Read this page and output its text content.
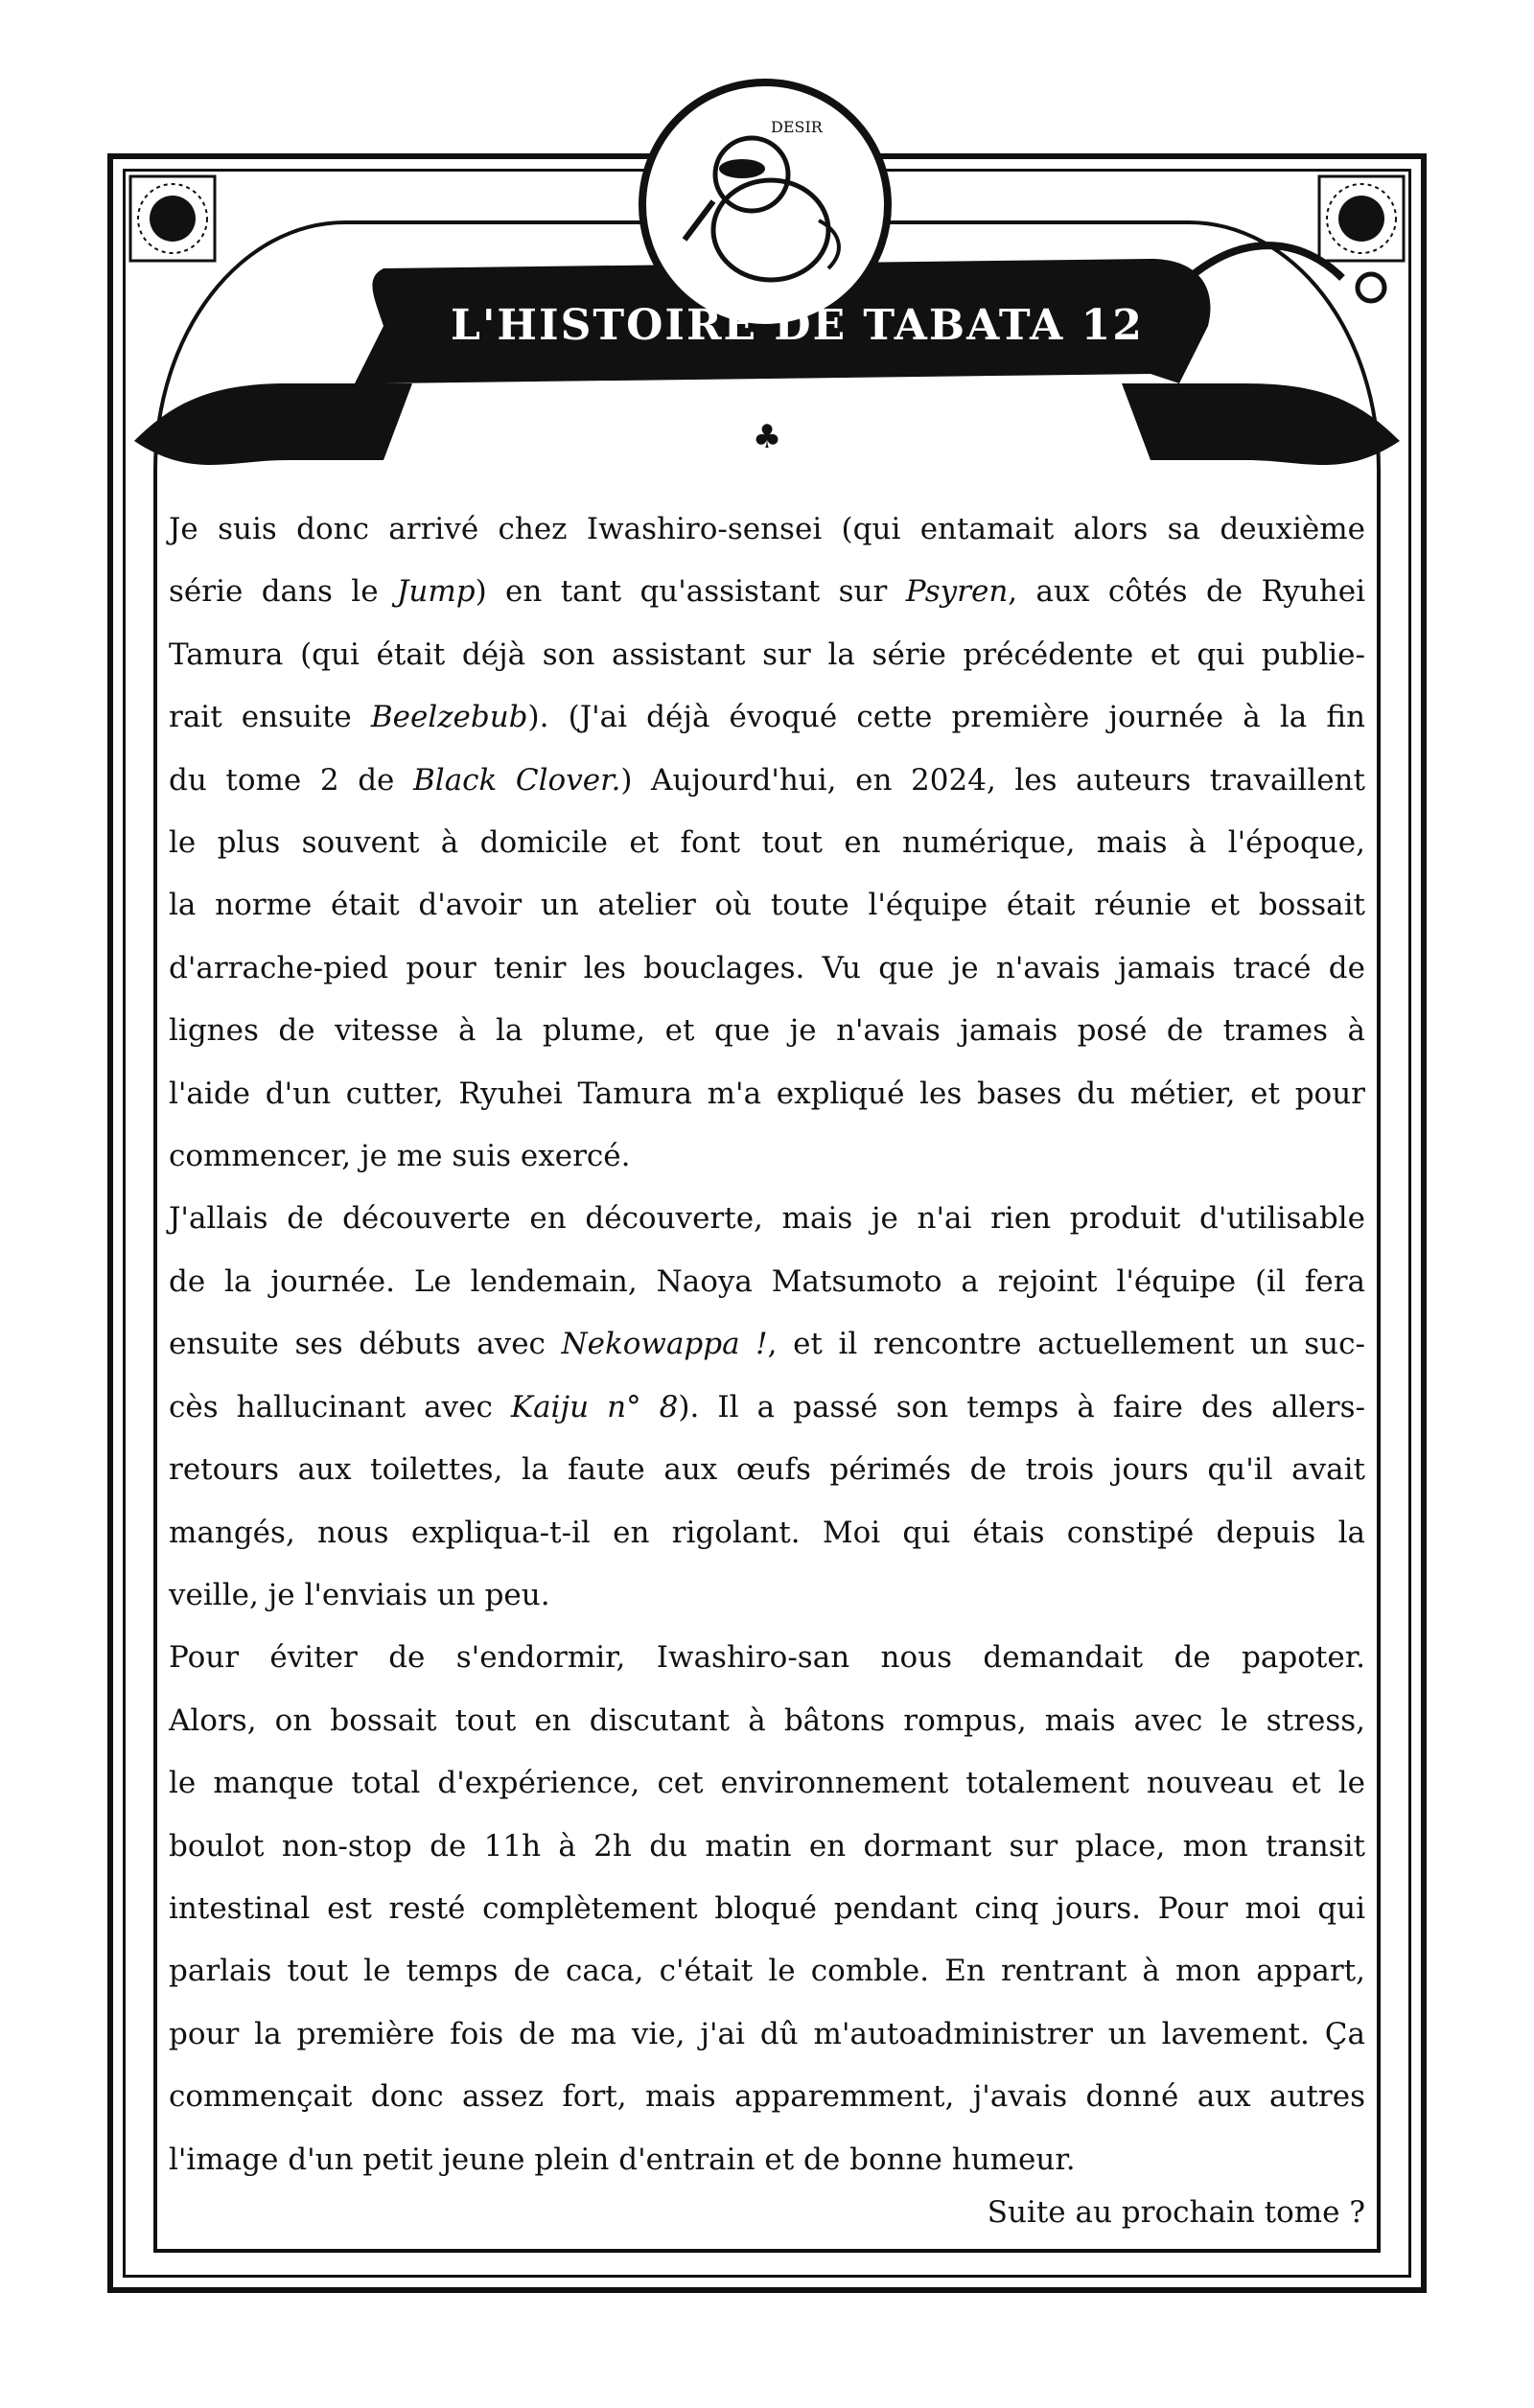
DESIR
L'HISTOIRE DE TABATA 12
♣

Je suis donc arrivé chez Iwashiro-sensei (qui entamait alors sa deuxième
série dans le Jump) en tant qu'assistant sur Psyren, aux côtés de Ryuhei
Tamura (qui était déjà son assistant sur la série précédente et qui publie-
rait ensuite Beelzebub). (J'ai déjà évoqué cette première journée à la fin
du tome 2 de Black Clover.) Aujourd'hui, en 2024, les auteurs travaillent
le plus souvent à domicile et font tout en numérique, mais à l'époque,
la norme était d'avoir un atelier où toute l'équipe était réunie et bossait
d'arrache-pied pour tenir les bouclages. Vu que je n'avais jamais tracé de
lignes de vitesse à la plume, et que je n'avais jamais posé de trames à
l'aide d'un cutter, Ryuhei Tamura m'a expliqué les bases du métier, et pour
commencer, je me suis exercé.

J'allais de découverte en découverte, mais je n'ai rien produit d'utilisable
de la journée. Le lendemain, Naoya Matsumoto a rejoint l'équipe (il fera
ensuite ses débuts avec Nekowappa !, et il rencontre actuellement un suc-
cès hallucinant avec Kaiju n° 8). Il a passé son temps à faire des allers-
retours aux toilettes, la faute aux œufs périmés de trois jours qu'il avait
mangés, nous expliqua-t-il en rigolant. Moi qui étais constipé depuis la
veille, je l'enviais un peu.

Pour éviter de s'endormir, Iwashiro-san nous demandait de papoter.
Alors, on bossait tout en discutant à bâtons rompus, mais avec le stress,
le manque total d'expérience, cet environnement totalement nouveau et le
boulot non-stop de 11h à 2h du matin en dormant sur place, mon transit
intestinal est resté complètement bloqué pendant cinq jours. Pour moi qui
parlais tout le temps de caca, c'était le comble. En rentrant à mon appart,
pour la première fois de ma vie, j'ai dû m'autoadministrer un lavement. Ça
commençait donc assez fort, mais apparemment, j'avais donné aux autres
l'image d'un petit jeune plein d'entrain et de bonne humeur.

Suite au prochain tome ?
